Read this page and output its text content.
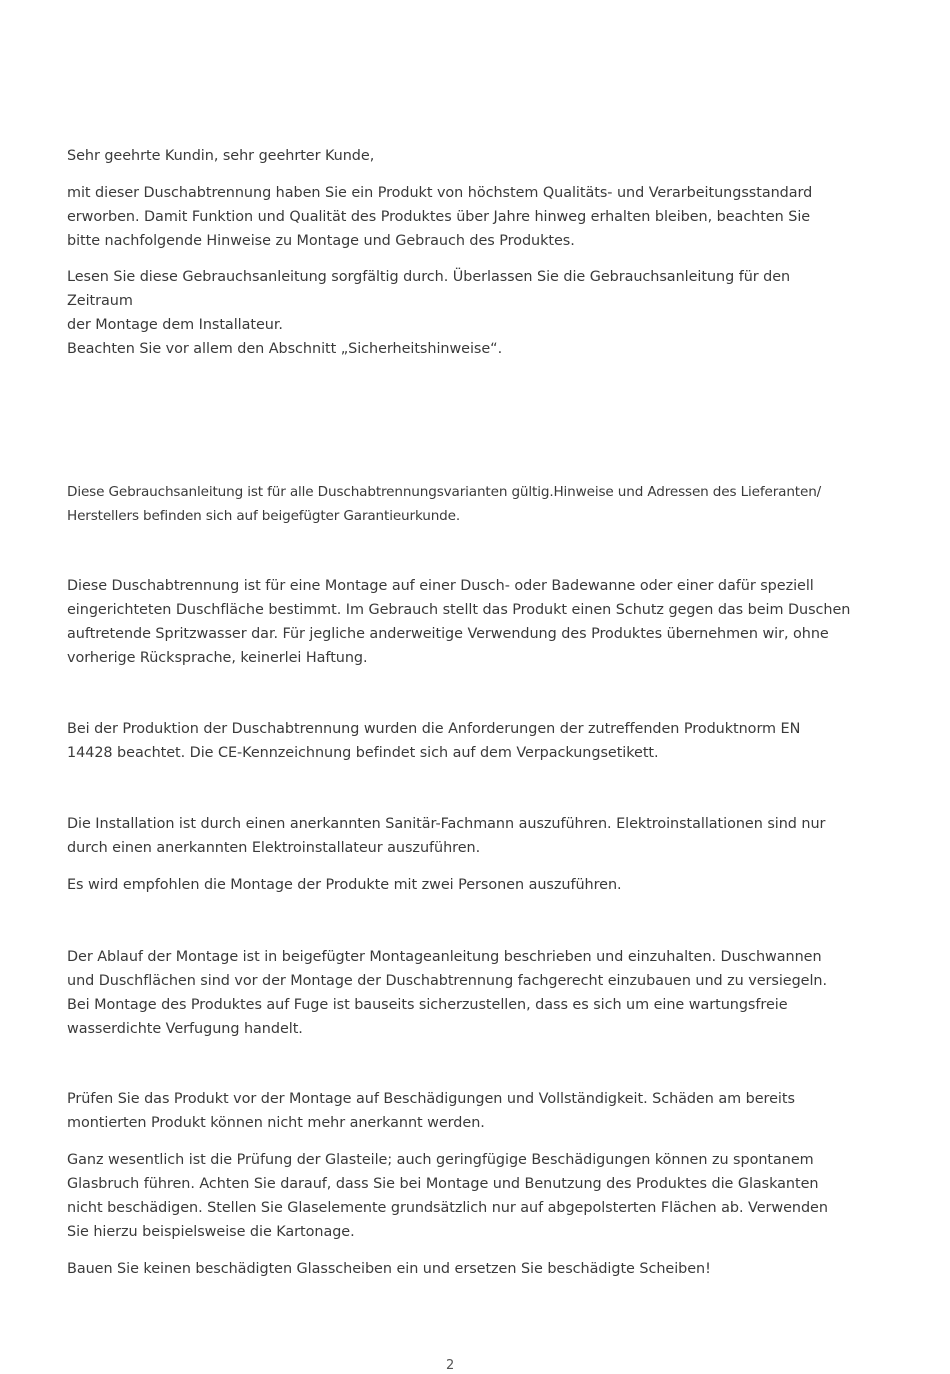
Sehr geehrte Kundin, sehr geehrter Kunde,

mit dieser Duschabtrennung haben Sie ein Produkt von höchstem Qualitäts- und Verarbeitungsstandard
erworben. Damit Funktion und Qualität des Produktes über Jahre hinweg erhalten bleiben, beachten Sie
bitte nachfolgende Hinweise zu Montage und Gebrauch des Produktes.

Lesen Sie diese Gebrauchsanleitung sorgfältig durch. Überlassen Sie die Gebrauchsanleitung für den Zeitraum
der Montage dem Installateur.

Beachten Sie vor allem den Abschnitt „Sicherheitshinweise“.

Diese Gebrauchsanleitung ist für alle Duschabtrennungsvarianten gültig.Hinweise und Adressen des Lieferanten/
Herstellers befinden sich auf beigefügter Garantieurkunde.

Diese Duschabtrennung ist für eine Montage auf einer Dusch- oder Badewanne oder einer dafür speziell
eingerichteten Duschfläche bestimmt. Im Gebrauch stellt das Produkt einen Schutz gegen das beim Duschen
auftretende Spritzwasser dar. Für jegliche anderweitige Verwendung des Produktes übernehmen wir, ohne
vorherige Rücksprache, keinerlei Haftung.

Bei der Produktion der Duschabtrennung wurden die Anforderungen der zutreffenden Produktnorm EN
14428 beachtet. Die CE-Kennzeichnung befindet sich auf dem Verpackungsetikett.

Die Installation ist durch einen anerkannten Sanitär-Fachmann auszuführen. Elektroinstallationen sind nur
durch einen anerkannten Elektroinstallateur auszuführen.

Es wird empfohlen die Montage der Produkte mit zwei Personen auszuführen.

Der Ablauf der Montage ist in beigefügter Montageanleitung beschrieben und einzuhalten. Duschwannen
und Duschflächen sind vor der Montage der Duschabtrennung fachgerecht einzubauen und zu versiegeln.
Bei Montage des Produktes auf Fuge ist bauseits sicherzustellen, dass es sich um eine wartungsfreie
wasserdichte Verfugung handelt.

Prüfen Sie das Produkt vor der Montage auf Beschädigungen und Vollständigkeit. Schäden am bereits
montierten Produkt können nicht mehr anerkannt werden.

Ganz wesentlich ist die Prüfung der Glasteile; auch geringfügige Beschädigungen können zu spontanem
Glasbruch führen. Achten Sie darauf, dass Sie bei Montage und Benutzung des Produktes die Glaskanten
nicht beschädigen. Stellen Sie Glaselemente grundsätzlich nur auf abgepolsterten Flächen ab. Verwenden
Sie hierzu beispielsweise die Kartonage.

Bauen Sie keinen beschädigten Glasscheiben ein und ersetzen Sie beschädigte Scheiben!

2
